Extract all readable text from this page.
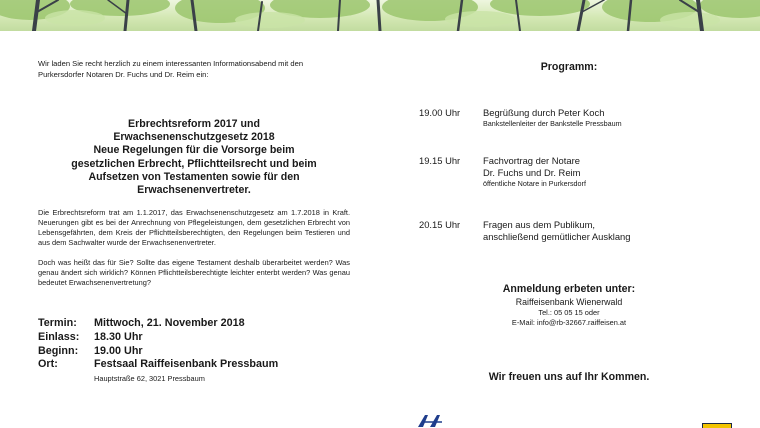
Wir laden Sie recht herzlich zu einem interessanten Informationsabend mit den Purkersdorfer Notaren Dr. Fuchs und Dr. Reim ein:

Erbrechtsreform 2017 und
Erwachsenenschutzgesetz 2018
Neue Regelungen für die Vorsorge beim
gesetzlichen Erbrecht, Pflichtteilsrecht und beim
Aufsetzen von Testamenten sowie für den
Erwachsenenvertreter.

Die Erbrechtsreform trat am 1.1.2017, das Erwachsenenschutzgesetz am 1.7.2018 in Kraft. Neuerungen gibt es bei der Anrechnung von Pflegeleistungen, dem gesetzlichen Erbrecht von Lebensgefährten, dem Kreis der Pflichtteilsberechtigten, den Regelungen beim Testieren und aus dem Sachwalter wurde der Erwachsenenvertreter.

Doch was heißt das für Sie? Sollte das eigene Testament deshalb überarbeitet werden? Was genau ändert sich wirklich? Können Pflichtteilsberechtigte leichter enterbt werden? Was genau bedeutet Erwachsenenvertretung?

Termin:	Mittwoch, 21. November 2018
Einlass:	18.30 Uhr
Beginn:	19.00 Uhr
Ort:	Festsaal Raiffeisenbank Pressbaum
Hauptstraße 62, 3021 Pressbaum
Programm:
19.00 Uhr Begrüßung durch Peter Koch
Bankstellenleiter der Bankstelle Pressbaum
19.15 Uhr Fachvortrag der Notare
Dr. Fuchs und Dr. Reim
öffentliche Notare in Purkersdorf
20.15 Uhr Fragen aus dem Publikum,
anschließend gemütlicher Ausklang
Anmeldung erbeten unter:
Raiffeisenbank Wienerwald
Tel.: 05 05 15 oder
E-Mail: info@rb-32667.raiffeisen.at
Wir freuen uns auf Ihr Kommen.
